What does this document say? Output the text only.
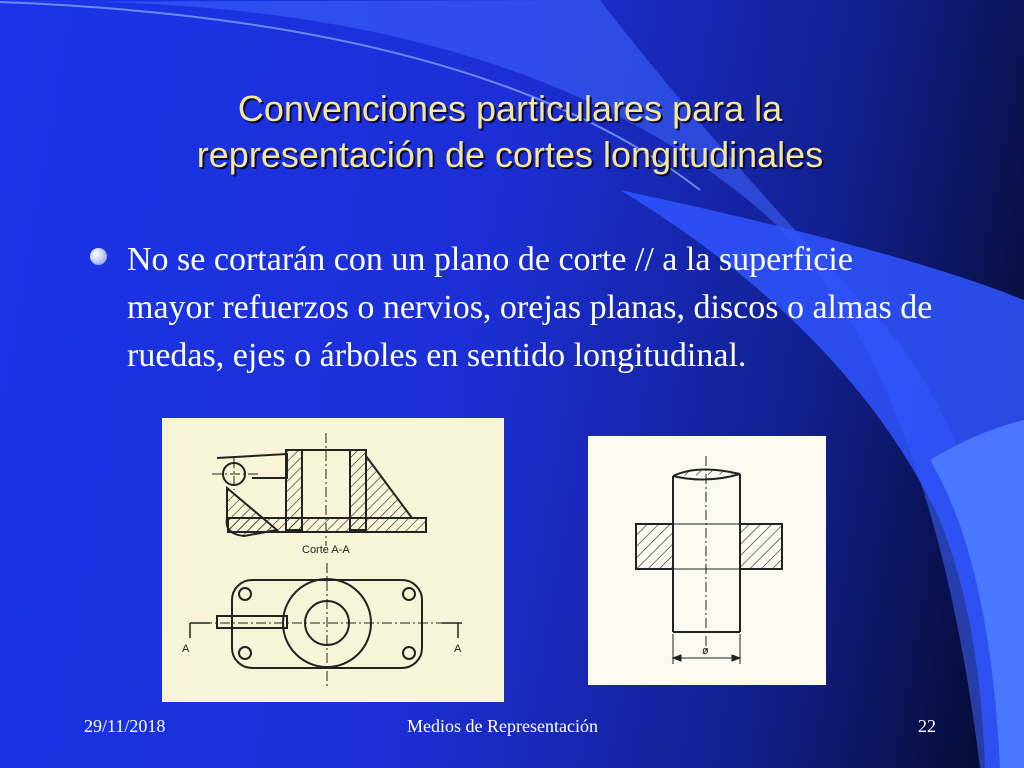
Convenciones particulares para la
representación de cortes longitudinales
No se cortarán con un plano de corte // a la superficie mayor refuerzos o nervios, orejas planas, discos o almas de ruedas, ejes o árboles en sentido longitudinal.
Corte A-A
A	A	ø
29/11/2018	Medios de Representación	22
